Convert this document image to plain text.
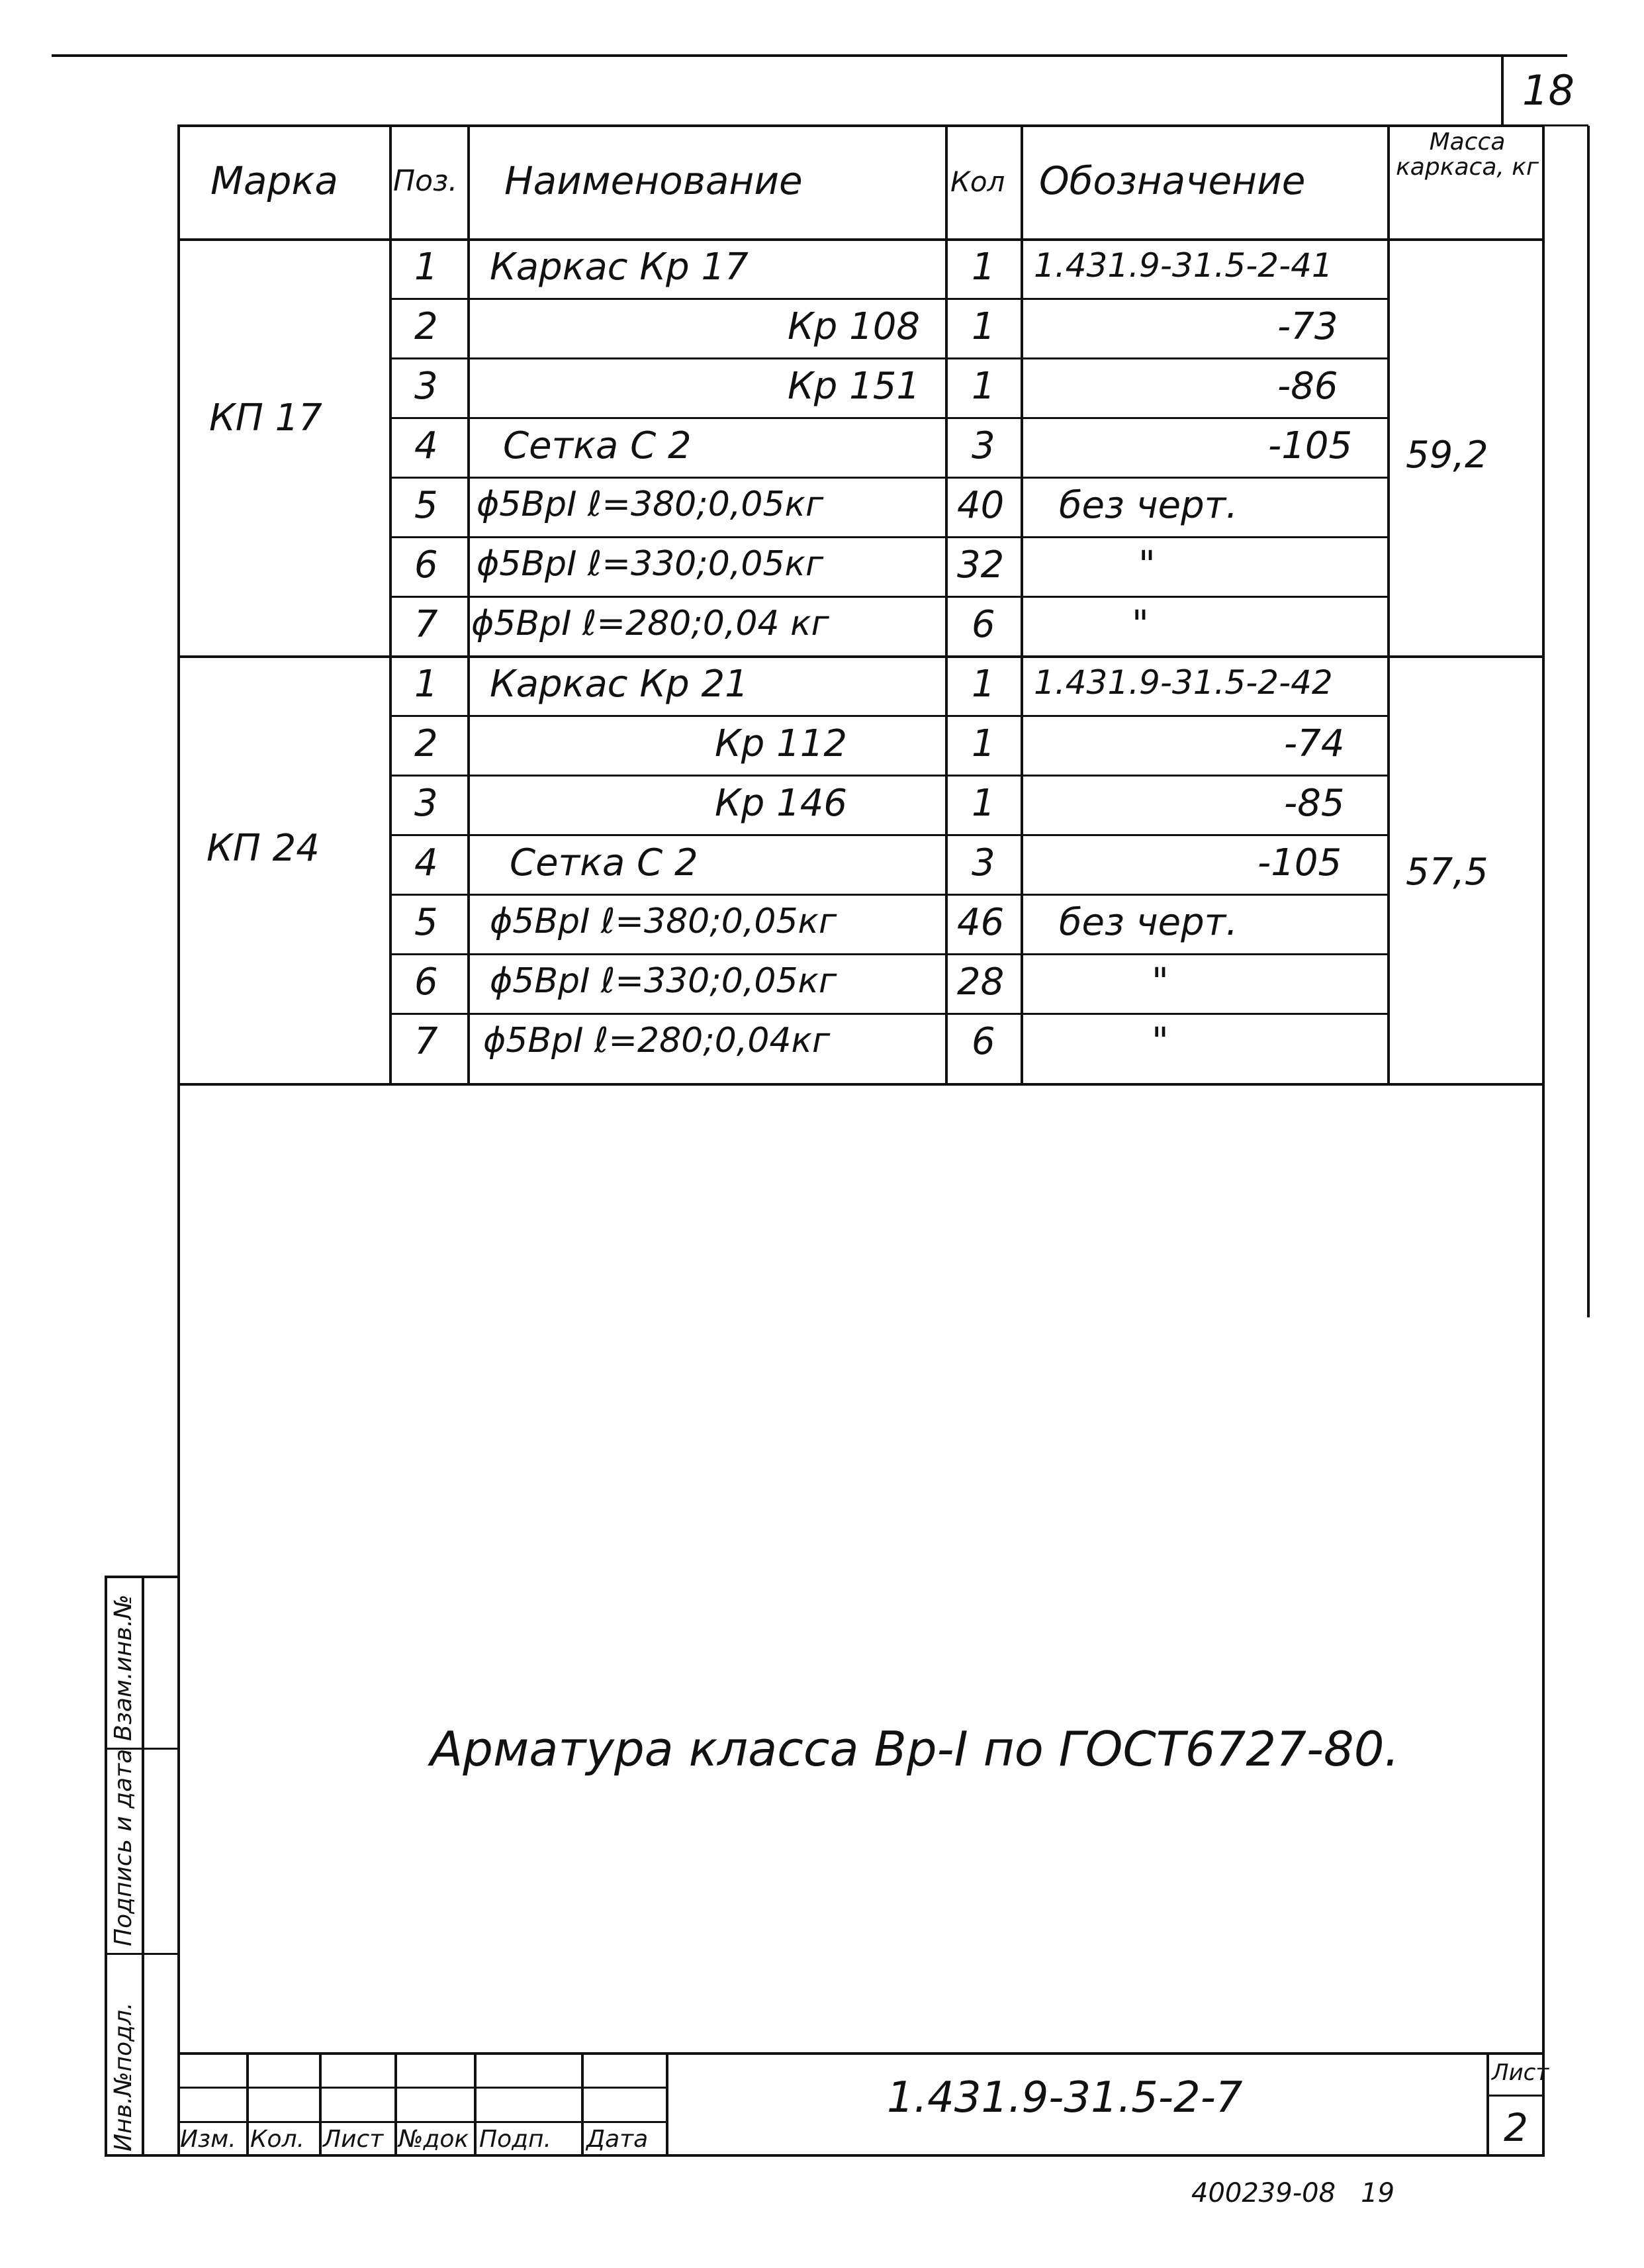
18
Марка Поз. Наименование	Кол Обозначение
Масса каркаса, кг
КП 17
59,2
1 Каркас Кр 17	1 1.431.9-31.5-2-41
2	Кр 108 1	-73
3	Кр 151 1	-86
4 Сетка С 2	3	-105
5 ϕ5ВрI ℓ=380;0,05кг	40 без черт.
6 ϕ5ВрI ℓ=330;0,05кг	32	"
7 ϕ5ВрI ℓ=280;0,04 кг	6	"
КП 24
57,5
1 Каркас Кр 21	1 1.431.9-31.5-2-42
2	Кр 112	1	-74
3	Кр 146	1	-85
4 Сетка С 2	3	-105
5 ϕ5ВрI ℓ=380;0,05кг	46 без черт.
6 ϕ5ВрI ℓ=330;0,05кг	28	"
7 ϕ5ВрI ℓ=280;0,04кг	6	"
Арматура класса Вр-I по ГОСТ6727-80.
Инв.№подл.
Подпись и дата
Взам.инв.№
Изм. Кол. Лист №док Подп. Дата
1.431.9-31.5-2-7
Лист
2
400239-08   19
